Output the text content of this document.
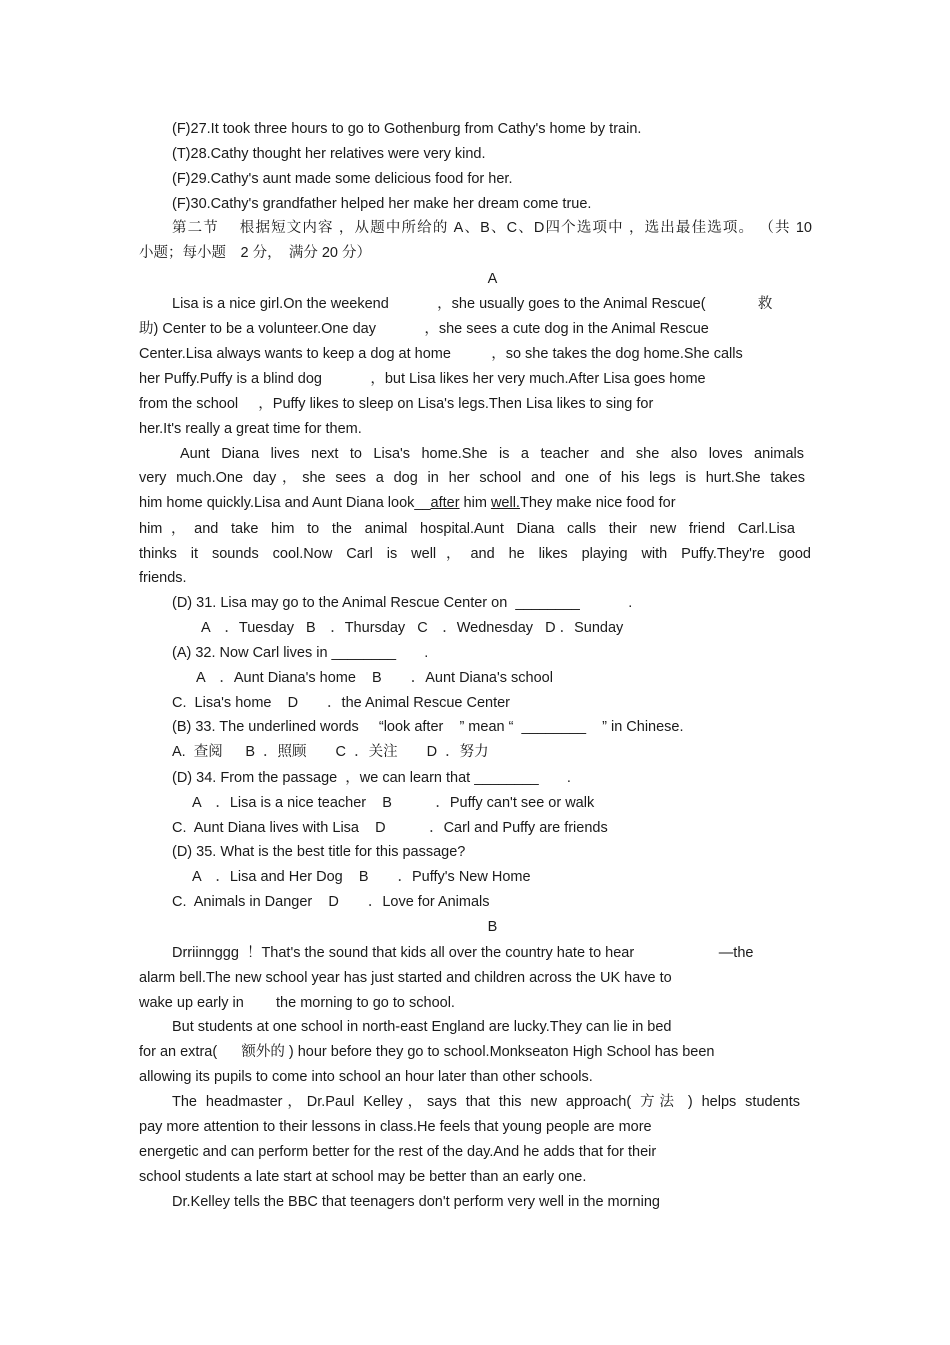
(F)27.It took three hours to go to Gothenburg from Cathy's home by train.
(T)28.Cathy thought her relatives were very kind.
(F)29.Cathy's aunt made some delicious food for her.
(F)30.Cathy's grandfather helped her make her dream come true.
第二节　 根据短文内容 ，从题中所给的 A、B、C、D四个选项中 ，选出最佳选项。 （共 10
小题；每小题　2 分，　满分 20 分）
A
Lisa is a nice girl.On the weekend            ，she usually goes to the Animal Rescue(             救
助) Center to be a volunteer.One day            ，she sees a cute dog in the Animal Rescue
Center.Lisa always wants to keep a dog at home          ，so she takes the dog home.She calls
her Puffy.Puffy is a blind dog            ，but Lisa likes her very much.After Lisa goes home
from the school     ，Puffy likes to sleep on Lisa's legs.Then Lisa likes to sing for
her.It's really a great time for them.
Aunt Diana lives next to Lisa's home.She is a teacher and she also loves animals
very much.One day，she sees a dog in her school and one of his legs is hurt.She takes
him home quickly.Lisa and Aunt Diana look__after him well.They make nice food for
him，and take him to the animal hospital.Aunt Diana calls their new friend Carl.Lisa
thinks it sounds cool.Now Carl is well，and he likes playing with Puffy.They're good
friends.
(D) 31. Lisa may go to the Animal Rescue Center on  ________            .
A　．Tuesday   B　．Thursday   C　．Wednesday   D ．Sunday
(A) 32. Now Carl lives in ________       .
A　．Aunt Diana's home    B　　．Aunt Diana's school
C.  Lisa's home    D　　．the Animal Rescue Center
(B) 33. The underlined words     “look after    ” mean “  ________    ” in Chinese.
A.  查阅　  B  ．照顾　　C  ．关注　　D  ．努力
(D) 34. From the passage  ，we can learn that ________       .
A　．Lisa is a nice teacher    B　　　．Puffy can't see or walk
C.  Aunt Diana lives with Lisa    D　　　．Carl and Puffy are friends
(D) 35. What is the best title for this passage?
A　．Lisa and Her Dog    B　　．Puffy's New Home
C.  Animals in Danger    D　　．Love for Animals
B
Drriinnggg  ！That's the sound that kids all over the country hate to hear                     —the
alarm bell.The new school year has just started and children across the UK have to
wake up early in        the morning to go to school.
But students at one school in north-east England are lucky.They can lie in bed
for an extra(      额外的 ) hour before they go to school.Monkseaton High School has been
allowing its pupils to come into school an hour later than other schools.
The headmaster，Dr.Paul Kelley，says that this new approach( 方法 ) helps students
pay more attention to their lessons in class.He feels that young people are more
energetic and can perform better for the rest of the day.And he adds that for their
school students a late start at school may be better than an early one.
Dr.Kelley tells the BBC that teenagers don't perform very well in the morning
